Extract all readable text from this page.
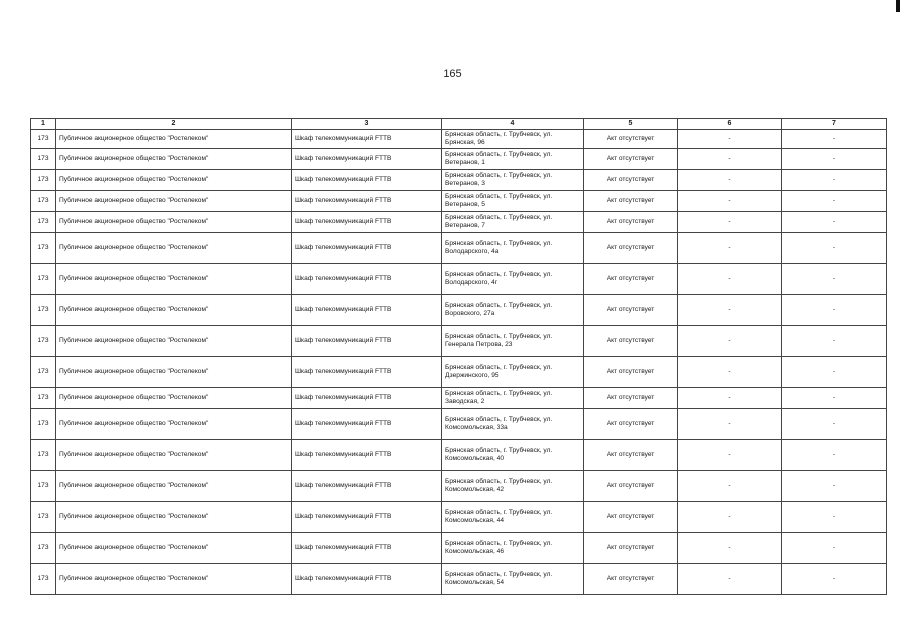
165
1	2	3	4	5	6	7
173	Публичное акционерное общество "Ростелеком"	Шкаф телекоммуникаций FTTB	Брянская область, г. Трубчевск, ул. Брянская, 96	Акт отсутствует	-	-
173	Публичное акционерное общество "Ростелеком"	Шкаф телекоммуникаций FTTB	Брянская область, г. Трубчевск, ул. Ветеранов, 1	Акт отсутствует	-	-
173	Публичное акционерное общество "Ростелеком"	Шкаф телекоммуникаций FTTB	Брянская область, г. Трубчевск, ул. Ветеранов, 3	Акт отсутствует	-	-
173	Публичное акционерное общество "Ростелеком"	Шкаф телекоммуникаций FTTB	Брянская область, г. Трубчевск, ул. Ветеранов, 5	Акт отсутствует	-	-
173	Публичное акционерное общество "Ростелеком"	Шкаф телекоммуникаций FTTB	Брянская область, г. Трубчевск, ул. Ветеранов, 7	Акт отсутствует	-	-
173	Публичное акционерное общество "Ростелеком"	Шкаф телекоммуникаций FTTB	Брянская область, г. Трубчевск, ул. Володарского, 4а	Акт отсутствует	-	-
173	Публичное акционерное общество "Ростелеком"	Шкаф телекоммуникаций FTTB	Брянская область, г. Трубчевск, ул. Володарского, 4г	Акт отсутствует	-	-
173	Публичное акционерное общество "Ростелеком"	Шкаф телекоммуникаций FTTB	Брянская область, г. Трубчевск, ул. Воровского, 27а	Акт отсутствует	-	-
173	Публичное акционерное общество "Ростелеком"	Шкаф телекоммуникаций FTTB	Брянская область, г. Трубчевск, ул. Генерала Петрова, 23	Акт отсутствует	-	-
173	Публичное акционерное общество "Ростелеком"	Шкаф телекоммуникаций FTTB	Брянская область, г. Трубчевск, ул. Дзержинского, 95	Акт отсутствует	-	-
173	Публичное акционерное общество "Ростелеком"	Шкаф телекоммуникаций FTTB	Брянская область, г. Трубчевск, ул. Заводская, 2	Акт отсутствует	-	-
173	Публичное акционерное общество "Ростелеком"	Шкаф телекоммуникаций FTTB	Брянская область, г. Трубчевск, ул. Комсомольская, 33а	Акт отсутствует	-	-
173	Публичное акционерное общество "Ростелеком"	Шкаф телекоммуникаций FTTB	Брянская область, г. Трубчевск, ул. Комсомольская, 40	Акт отсутствует	-	-
173	Публичное акционерное общество "Ростелеком"	Шкаф телекоммуникаций FTTB	Брянская область, г. Трубчевск, ул. Комсомольская, 42	Акт отсутствует	-	-
173	Публичное акционерное общество "Ростелеком"	Шкаф телекоммуникаций FTTB	Брянская область, г. Трубчевск, ул. Комсомольская, 44	Акт отсутствует	-	-
173	Публичное акционерное общество "Ростелеком"	Шкаф телекоммуникаций FTTB	Брянская область, г. Трубчевск, ул. Комсомольская, 46	Акт отсутствует	-	-
173	Публичное акционерное общество "Ростелеком"	Шкаф телекоммуникаций FTTB	Брянская область, г. Трубчевск, ул. Комсомольская, 54	Акт отсутствует	-	-
